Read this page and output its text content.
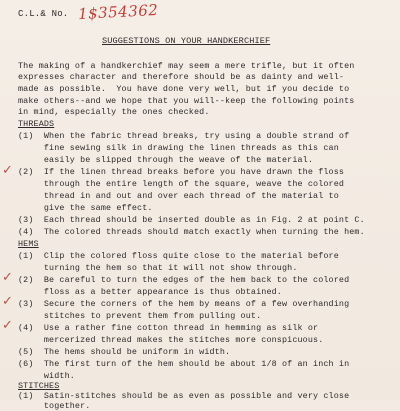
C.L.& No. 1$354362
SUGGESTIONS ON YOUR HANDKERCHIEF
The making of a handkerchief may seem a mere trifle, but it often
expresses character and therefore should be as dainty and well-
made as possible.  You have done very well, but if you decide to
make others--and we hope that you will--keep the following points
in mind, especially the ones checked.
THREADS
(1)  When the fabric thread breaks, try using a double strand of
fine sewing silk in drawing the linen threads as this can
easily be slipped through the weave of the material.
(2)  If the linen thread breaks before you have drawn the floss
through the entire length of the square, weave the colored
thread in and out and over each thread of the material to
give the same effect.
(3)  Each thread should be inserted double as in Fig. 2 at point C.
(4)  The colored threads should match exactly when turning the hem.
HEMS
(1)  Clip the colored floss quite close to the material before
turning the hem so that it will not show through.
(2)  Be careful to turn the edges of the hem back to the colored
floss as a better appearance is thus obtained.
(3)  Secure the corners of the hem by means of a few overhanding
stitches to prevent them from pulling out.
(4)  Use a rather fine cotton thread in hemming as silk or
mercerized thread makes the stitches more conspicuous.
(5)  The hems should be uniform in width.
(6)  The first turn of the hem should be about 1/8 of an inch in
width.
STITCHES
(1)  Satin-stitches should be as even as possible and very close
together.
✓
✓
✓
✓
